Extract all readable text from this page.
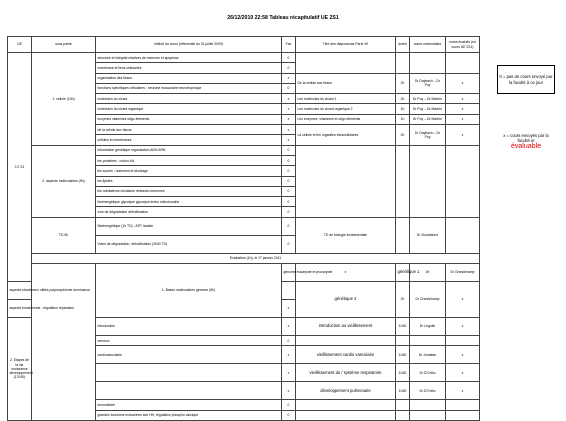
26/12/2010 22:58 Tableau récapitulatif UE 2S1
UE	sous partie	Intitulé du cours (référentiel du 31 juillet 2009)	Fac	Titre des diaporamas Paris VII	durée	noms universitaire	noms évalués (en cours UE 2S1)	
2.2 S1	1. cellule (10h)	structure et intégrité relatives de mémoire et apoptose	0					
		membrane et liens cellulaires	0					
		organisation des tissus	x	De la cellule aux tissus	2h	Dr Daybach – Dr Puy	x	
		fonctions spécifiques cellulaires : neurone musculaire neurotrophique	0					
		molécules du vivant	x	Les molécules du vivant 1	2h	Dr Puy – Dr Martinr	x	
		molécules du vivant organique	x	Les molécules du vivant organique 2	1h	Dr Puy – Dr Martinr	x	
		enzymes vitamines oligo-éléments	x	Les enzymes, vitamines et oligo éléments	1h	Dr Puy – Dr Martinr	x	
		de la cellule aux tissus	x	La cellule et les organites intracellulaires	2h	Dr Daybach – Dr Puy	x	
		cellules et membranes	x					
	2. aspects moléculaires (9h)	information génétique organisation ADN ARN	0					
		les protéines : codon AA	0					
		les sucres : nutriment et stockage	0					
		les lipides	0					
		les médiateurs circulants récitants hormones	0					
		bioénergétique glycolyse glycolyse krebs mitochondrie	0					
		voie de dégradation détoxification	0					
	TD 5h	Bioénergétique (1h TD) : ATP, lactate	0	TD de biologie fondamentale		Dr Vioublanne		
		Voies de dégradation, détoxification (3h30 TD)	0					
	Evaluation (1h), le 17 janvier 2011							
		1. Bases moléculaires génome (5h)	génome eucaryote et procaryote	x	génétique 1	2h	Dr Grandchamp	
aspects structuraux utiliés polymorphisme dominance				génétique 2	2h	Dr Grandchamp	x	
aspects fonctionnels : régulation réparation			x					
2. Etapes de la vie croissance développement (17h30)		introduction	x	introduction au vieillissement	1h30	Dr Legoile	x	
		nerveux	0					
		cardiovasculaire	x	vieillissement cardio vasculaire	1h30	Dr Jondeau	x	
			x	vieillissement du / système respiratoire	1h30	Dr D'Ortho	x	
			x	développement pulmonaire	1h30	Dr D'Ortho	x	
		immunitaire	0					
		grandes fonctions endocrines axe HH, régulation phospho calcique	0					
0 = pas de cours envoyé par la faculté à ce jour
x = cours envoyés par la faculté et
évaluable
